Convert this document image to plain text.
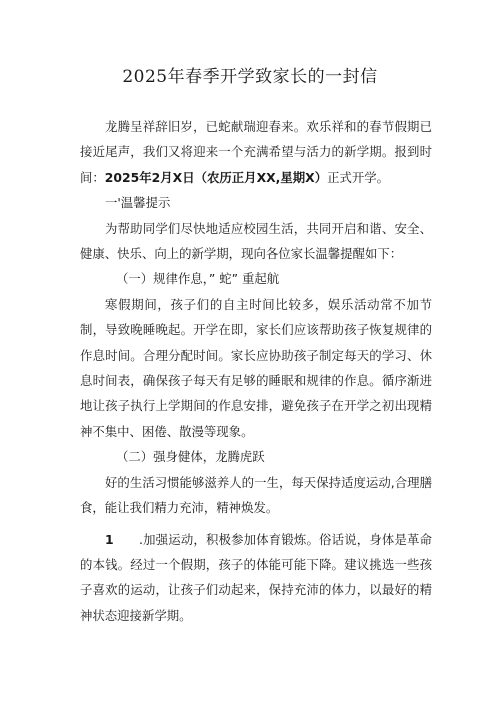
2025年春季开学致家长的一封信

龙腾呈祥辞旧岁，已蛇献瑞迎春来。欢乐祥和的春节假期已接近尾声，我们又将迎来一个充满希望与活力的新学期。报到时间：2025年2月X日（农历正月XX,星期X）正式开学。

一'温馨提示

为帮助同学们尽快地适应校园生活，共同开启和谐、安全、健康、快乐、向上的新学期，现向各位家长温馨提醒如下：

（一）规律作息，” 蛇” 重起航

寒假期间，孩子们的自主时间比较多，娱乐活动常不加节制，导致晚睡晚起。开学在即，家长们应该帮助孩子恢复规律的作息时间。合理分配时间。家长应协助孩子制定每天的学习、休息时间表，确保孩子每天有足够的睡眠和规律的作息。循序渐进地让孩子执行上学期间的作息安排，避免孩子在开学之初出现精神不集中、困倦、散漫等现象。

（二）强身健体，龙腾虎跃

好的生活习惯能够滋养人的一生，每天保持适度运动,合理膳食，能让我们精力充沛，精神焕发。

1 .加强运动，积极参加体育锻炼。俗话说，身体是革命的本钱。经过一个假期，孩子的体能可能下降。建议挑选一些孩子喜欢的运动，让孩子们动起来，保持充沛的体力，以最好的精神状态迎接新学期。
